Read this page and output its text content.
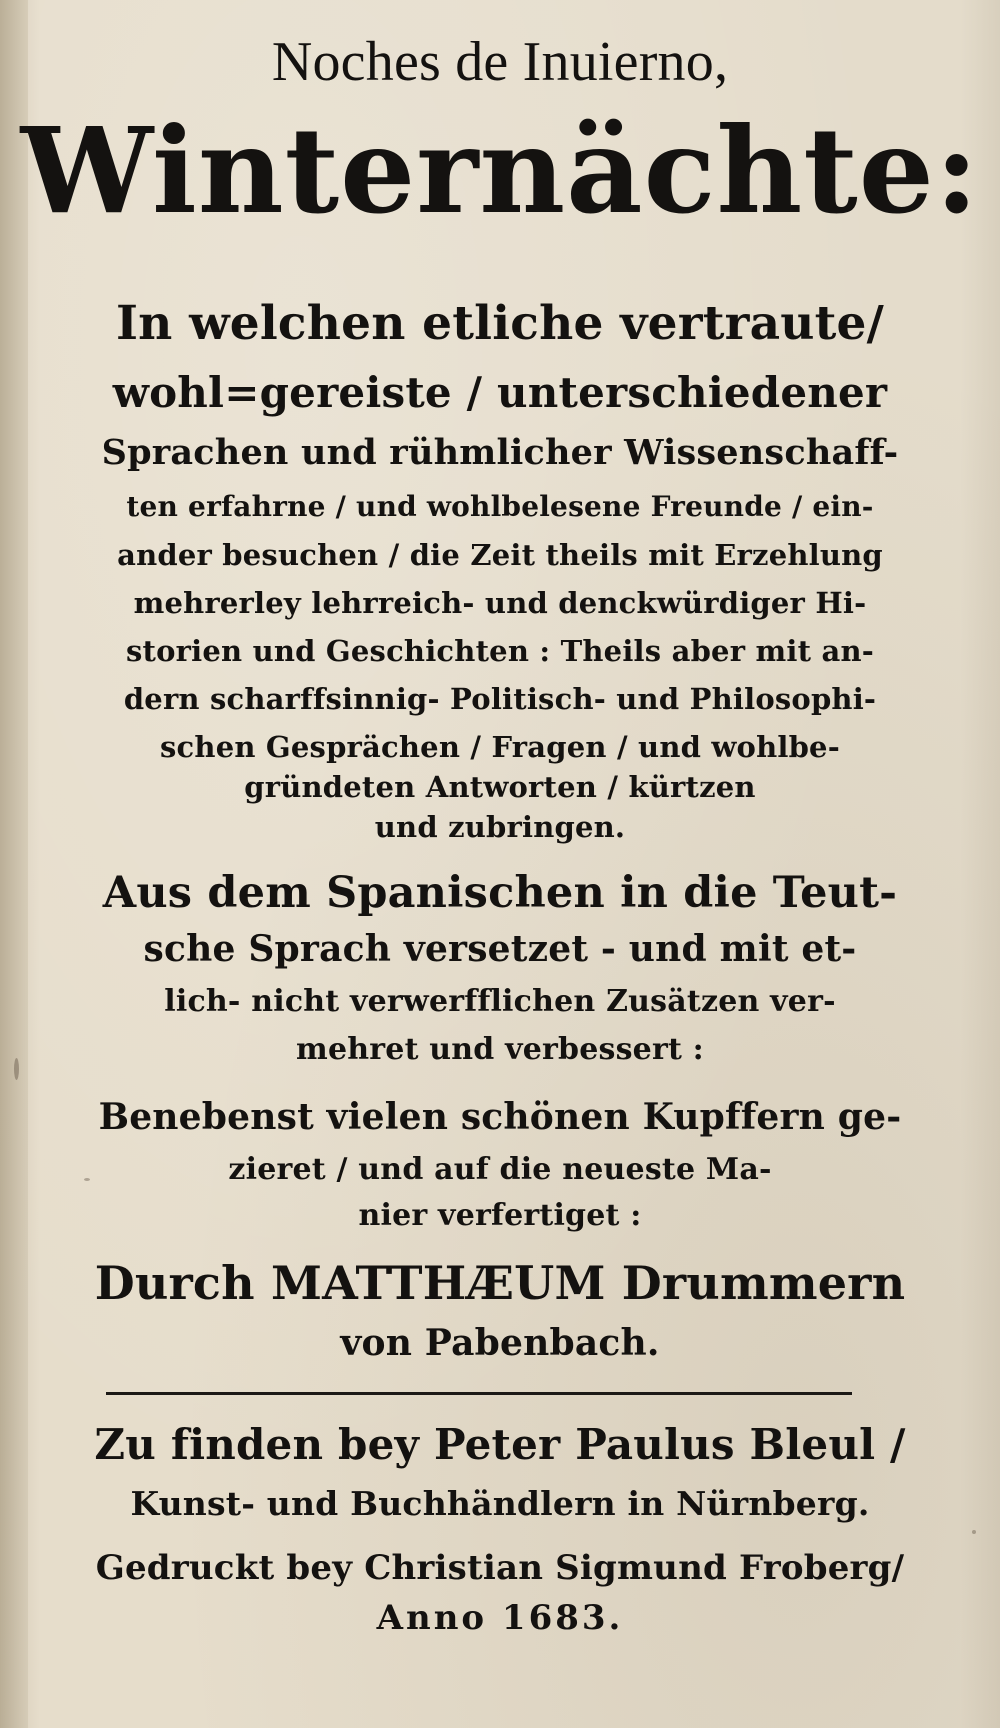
Noches de Inuierno,
Winternächte:
In welchen etliche vertraute/
wohl=gereiste / unterschiedener
Sprachen und rühmlicher Wissenschaff-
ten erfahrne / und wohlbelesene Freunde / ein-
ander besuchen / die Zeit theils mit Erzehlung
mehrerley lehrreich- und denckwürdiger Hi-
storien und Geschichten : Theils aber mit an-
dern scharffsinnig- Politisch- und Philosophi-
schen Gesprächen / Fragen / und wohlbe-
gründeten Antworten / kürtzen
und zubringen.
Aus dem Spanischen in die Teut-
sche Sprach versetzet - und mit et-
lich- nicht verwerfflichen Zusätzen ver-
mehret und verbessert :
Benebenst vielen schönen Kupffern ge-
zieret / und auf die neueste Ma-
nier verfertiget :
Durch MATTHÆUM Drummern
von Pabenbach.
Zu finden bey Peter Paulus Bleul /
Kunst- und Buchhändlern in Nürnberg.
Gedruckt bey Christian Sigmund Froberg/
Anno 1683.
